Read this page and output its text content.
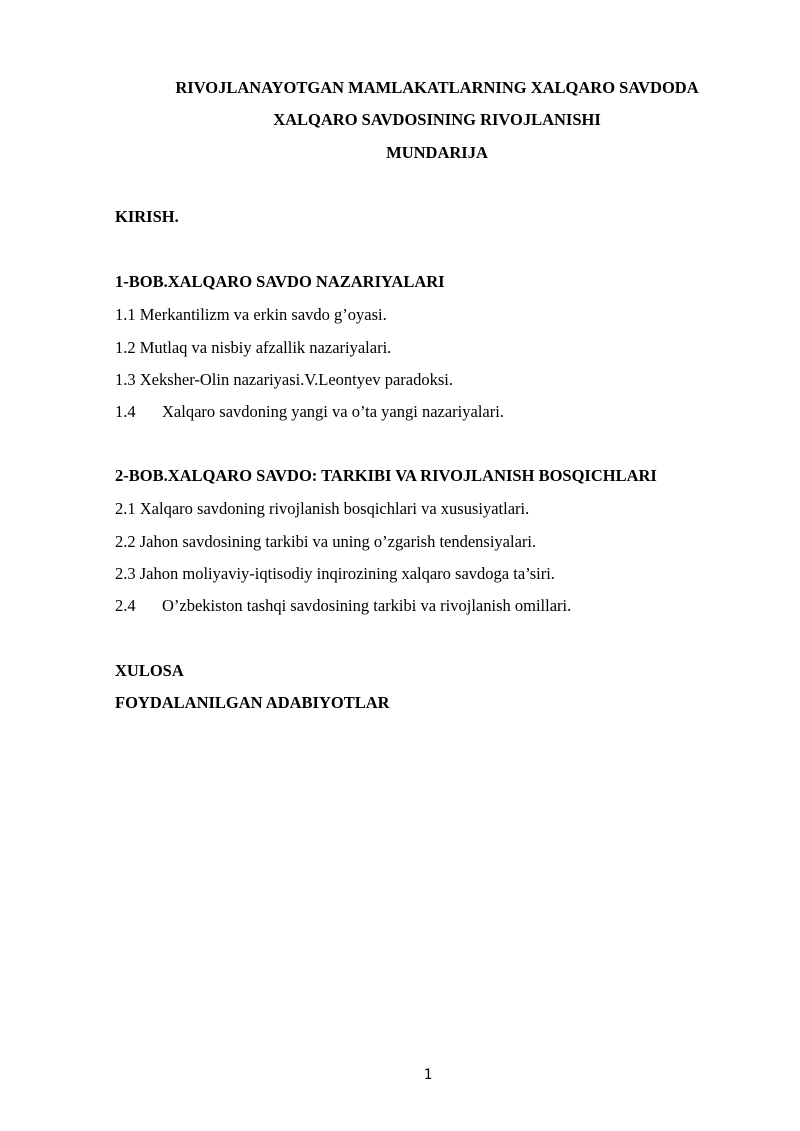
RIVOJLANAYOTGAN MAMLAKATLARNING XALQARO SAVDODA
XALQARO SAVDOSINING RIVOJLANISHI
MUNDARIJA
KIRISH.
1-BOB.XALQARO SAVDO NAZARIYALARI
1.1 Merkantilizm va erkin savdo g’oyasi.
1.2 Mutlaq va nisbiy afzallik nazariyalari.
1.3 Xeksher-Olin nazariyasi.V.Leontyev paradoksi.
1.4 Xalqaro savdoning yangi va o’ta yangi nazariyalari.
2-BOB.XALQARO SAVDO: TARKIBI VA RIVOJLANISH BOSQICHLARI
2.1 Xalqaro savdoning rivojlanish bosqichlari va xususiyatlari.
2.2 Jahon savdosining tarkibi va uning o’zgarish tendensiyalari.
2.3 Jahon moliyaviy-iqtisodiy inqirozining xalqaro savdoga ta’siri.
2.4 O’zbekiston tashqi savdosining tarkibi va rivojlanish omillari.
XULOSA
FOYDALANILGAN ADABIYOTLAR
1
